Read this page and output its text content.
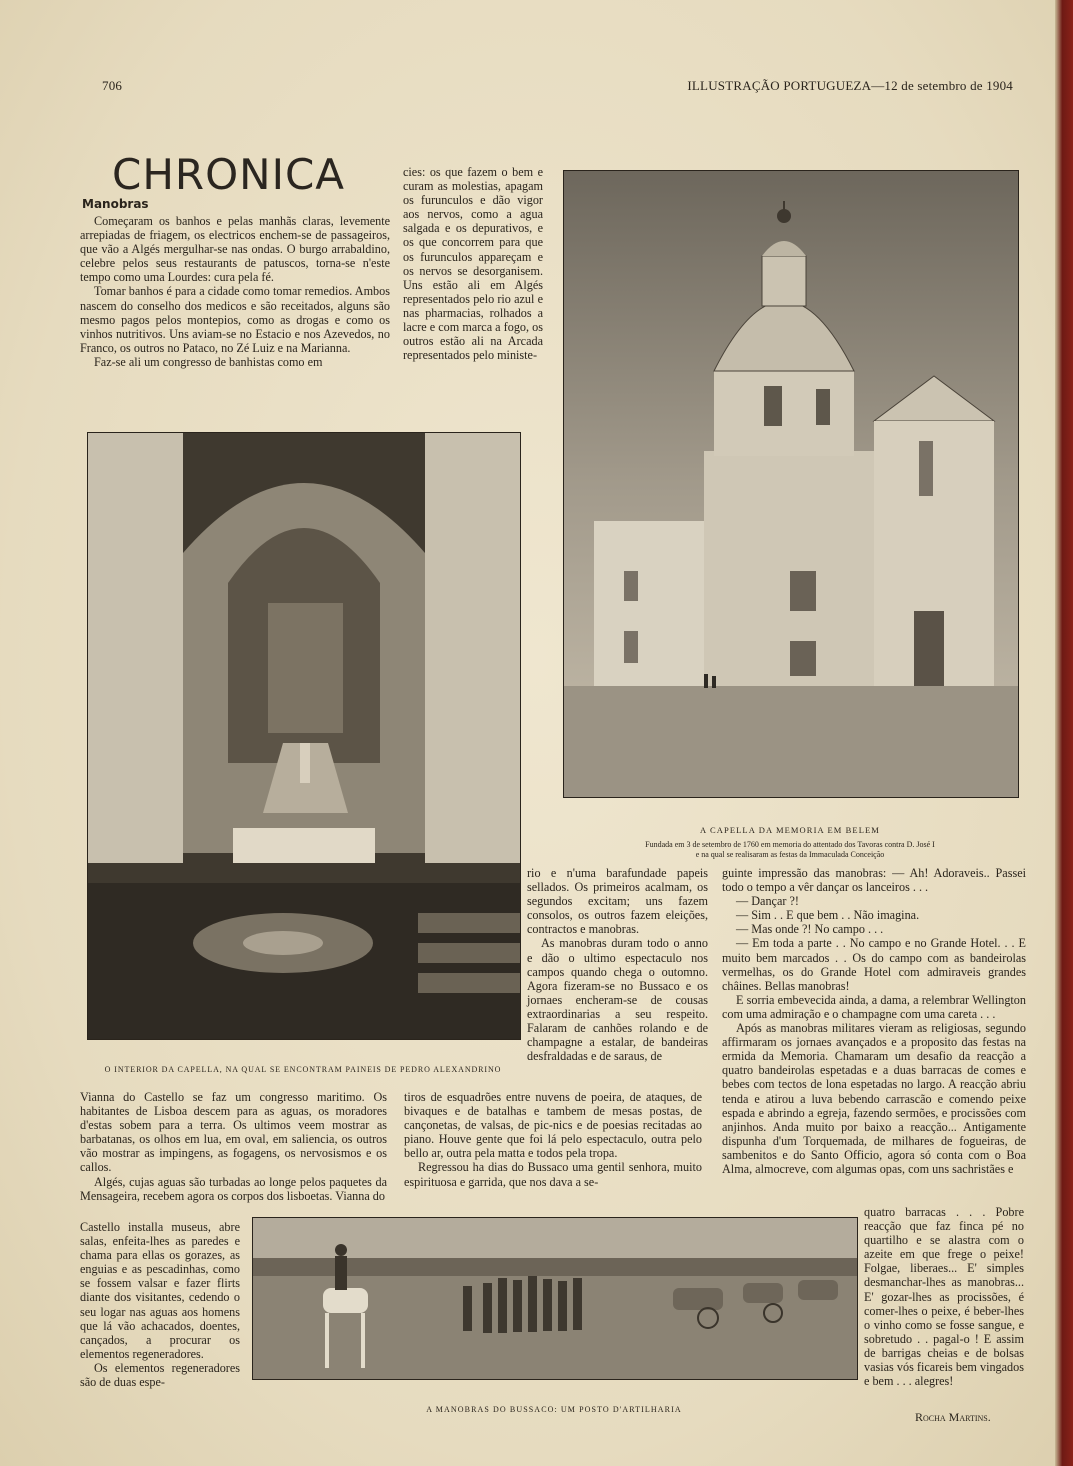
706	ILLUSTRAÇÃO PORTUGUEZA—12 de setembro de 1904
CHRONICA
Manobras

Começaram os banhos e pelas manhãs claras, levemente arrepiadas de friagem, os electricos enchem-se de passageiros, que vão a Algés mergulhar-se nas ondas. O burgo arrabaldino, celebre pelos seus restaurants de patuscos, torna-se n'este tempo como uma Lourdes: cura pela fé.

Tomar banhos é para a cidade como tomar remedios. Ambos nascem do conselho dos medicos e são receitados, alguns são mesmo pagos pelos montepios, como as drogas e como os vinhos nutritivos. Uns aviam-se no Estacio e nos Azevedos, no Franco, os outros no Pataco, no Zé Luiz e na Marianna.

Faz-se ali um congresso de banhistas como em

cies: os que fazem o bem e curam as molestias, apagam os furunculos e dão vigor aos nervos, como a agua salgada e os depurativos, e os que concorrem para que os furunculos appareçam e os nervos se desorganisem. Uns estão ali em Algés representados pelo rio azul e nas pharmacias, rolhados a lacre e com marca a fogo, os outros estão ali na Arcada representados pelo ministe-

A CAPELLA DA MEMORIA EM BELEM
Fundada em 3 de setembro de 1760 em memoria do attentado dos Tavoras contra D. José I
e na qual se realisaram as festas da Immaculada Conceição
O INTERIOR DA CAPELLA, NA QUAL SE ENCONTRAM PAINEIS DE PEDRO ALEXANDRINO

rio e n'uma barafundade papeis sellados. Os primeiros acalmam, os segundos excitam; uns fazem consolos, os outros fazem eleições, contractos e manobras.

As manobras duram todo o anno e dão o ultimo espectaculo nos campos quando chega o outomno. Agora fizeram-se no Bussaco e os jornaes encheram-se de cousas extraordinarias a seu respeito. Falaram de canhões rolando e de champagne a estalar, de bandeiras desfraldadas e de saraus, de

guinte impressão das manobras: — Ah! Adoraveis.. Passei todo o tempo a vêr dançar os lanceiros . . .

— Dançar ?!

— Sim . . E que bem . . Não imagina.

— Mas onde ?! No campo . . .

— Em toda a parte . . No campo e no Grande Hotel. . . E muito bem marcados . . Os do campo com as bandeirolas vermelhas, os do Grande Hotel com admiraveis grandes châines. Bellas manobras!

E sorria embevecida ainda, a dama, a relembrar Wellington com uma admiração e o champagne com uma careta . . .

Após as manobras militares vieram as religiosas, segundo affirmaram os jornaes avançados e a proposito das festas na ermida da Memoria. Chamaram um desafio da reacção a quatro bandeirolas espetadas e a duas barracas de comes e bebes com tectos de lona espetadas no largo. A reacção abriu tenda e atirou a luva bebendo carrascão e comendo peixe espada e abrindo a egreja, fazendo sermões, e procissões com anjinhos. Anda muito por baixo a reacção... Antigamente dispunha d'um Torquemada, de milhares de fogueiras, de sambenitos e do Santo Officio, agora só conta com o Boa Alma, almocreve, com algumas opas, com uns sachristães e

quatro barracas . . . Pobre reacção que faz finca pé no quartilho e se alastra com o azeite em que frege o peixe! Folgae, liberaes... E' simples desmanchar-lhes as manobras... E' gozar-lhes as procissões, é comer-lhes o peixe, é beber-lhes o vinho como se fosse sangue, e sobretudo . . pagal-o ! E assim de barrigas cheias e de bolsas vasias vós ficareis bem vingados e bem . . . alegres!

Rocha Martins.

Vianna do Castello se faz um congresso maritimo. Os habitantes de Lisboa descem para as aguas, os moradores d'estas sobem para a terra. Os ultimos veem mostrar as barbatanas, os olhos em lua, em oval, em saliencia, os outros vão mostrar as impingens, as fogagens, os nervosismos e os callos.

Algés, cujas aguas são turbadas ao longe pelos paquetes da Mensageira, recebem agora os corpos dos lisboetas. Vianna do

Castello installa museus, abre salas, enfeita-lhes as paredes e chama para ellas os gorazes, as enguias e as pescadinhas, como se fossem valsar e fazer flirts diante dos visitantes, cedendo o seu logar nas aguas aos homens que lá vão achacados, doentes, cançados, a procurar os elementos regeneradores.

Os elementos regeneradores são de duas espe-

tiros de esquadrões entre nuvens de poeira, de ataques, de bivaques e de batalhas e tambem de mesas postas, de cançonetas, de valsas, de pic-nics e de poesias recitadas ao piano. Houve gente que foi lá pelo espectaculo, outra pelo bello ar, outra pela matta e todos pela tropa.

Regressou ha dias do Bussaco uma gentil senhora, muito espirituosa e garrida, que nos dava a se-

A MANOBRAS DO BUSSACO: UM POSTO D'ARTILHARIA
